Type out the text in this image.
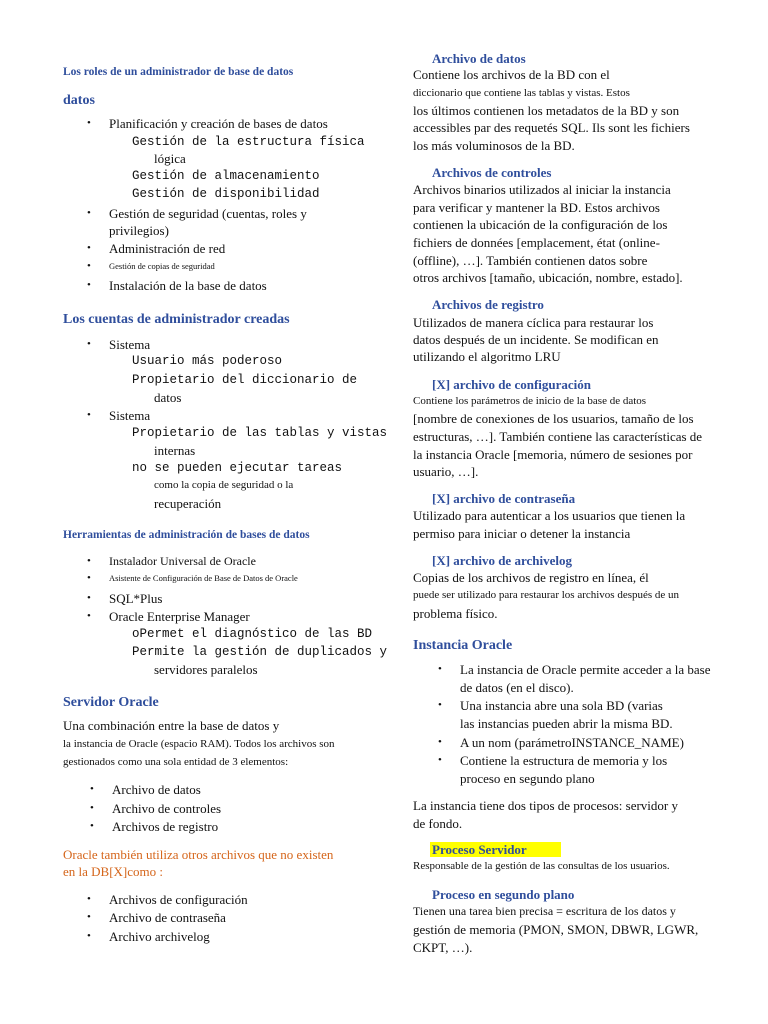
Los roles de un administrador de base de datos
datos
• Planificación y creación de bases de datos
Gestión de la estructura física
lógica
Gestión de almacenamiento
Gestión de disponibilidad
• Gestión de seguridad (cuentas, roles y
privilegios)
• Administración de red
• Gestión de copias de seguridad
• Instalación de la base de datos
Los cuentas de administrador creadas
• Sistema
Usuario más poderoso
Propietario del diccionario de
datos
• Sistema
Propietario de las tablas y vistas
internas
no se pueden ejecutar tareas
como la copia de seguridad o la
recuperación
Herramientas de administración de bases de datos
• Instalador Universal de Oracle
• Asistente de Configuración de Base de Datos de Oracle
• SQL*Plus
• Oracle Enterprise Manager
oPermet el diagnóstico de las BD
Permite la gestión de duplicados y
servidores paralelos
Servidor Oracle
Una combinación entre la base de datos y
la instancia de Oracle (espacio RAM). Todos los archivos son
gestionados como una sola entidad de 3 elementos:
• Archivo de datos
• Archivo de controles
• Archivos de registro
Oracle también utiliza otros archivos que no existen
en la DB[X]como :
• Archivos de configuración
• Archivo de contraseña
• Archivo archivelog
Archivo de datos
Contiene los archivos de la BD con el
diccionario que contiene las tablas y vistas. Estos
los últimos contienen los metadatos de la BD y son
accessibles par des requetés SQL. Ils sont les fichiers
los más voluminosos de la BD.
Archivos de controles
Archivos binarios utilizados al iniciar la instancia
para verificar y mantener la BD. Estos archivos
contienen la ubicación de la configuración de los
fichiers de données [emplacement, état (online-
(offline), …]. También contienen datos sobre
otros archivos [tamaño, ubicación, nombre, estado].
Archivos de registro
Utilizados de manera cíclica para restaurar los
datos después de un incidente. Se modifican en
utilizando el algoritmo LRU
[X] archivo de configuración
Contiene los parámetros de inicio de la base de datos
[nombre de conexiones de los usuarios, tamaño de los
estructuras, …]. También contiene las características de
la instancia Oracle [memoria, número de sesiones por
usuario, …].
[X] archivo de contraseña
Utilizado para autenticar a los usuarios que tienen la
permiso para iniciar o detener la instancia
[X] archivo de archivelog
Copias de los archivos de registro en línea, él
puede ser utilizado para restaurar los archivos después de un
problema físico.
Instancia Oracle
• La instancia de Oracle permite acceder a la base
de datos (en el disco).
• Una instancia abre una sola BD (varias
las instancias pueden abrir la misma BD.
• A un nom (parámetroINSTANCE_NAME)
• Contiene la estructura de memoria y los
proceso en segundo plano
La instancia tiene dos tipos de procesos: servidor y
de fondo.
Proceso Servidor
Responsable de la gestión de las consultas de los usuarios.
Proceso en segundo plano
Tienen una tarea bien precisa = escritura de los datos y
gestión de memoria (PMON, SMON, DBWR, LGWR,
CKPT, …).
